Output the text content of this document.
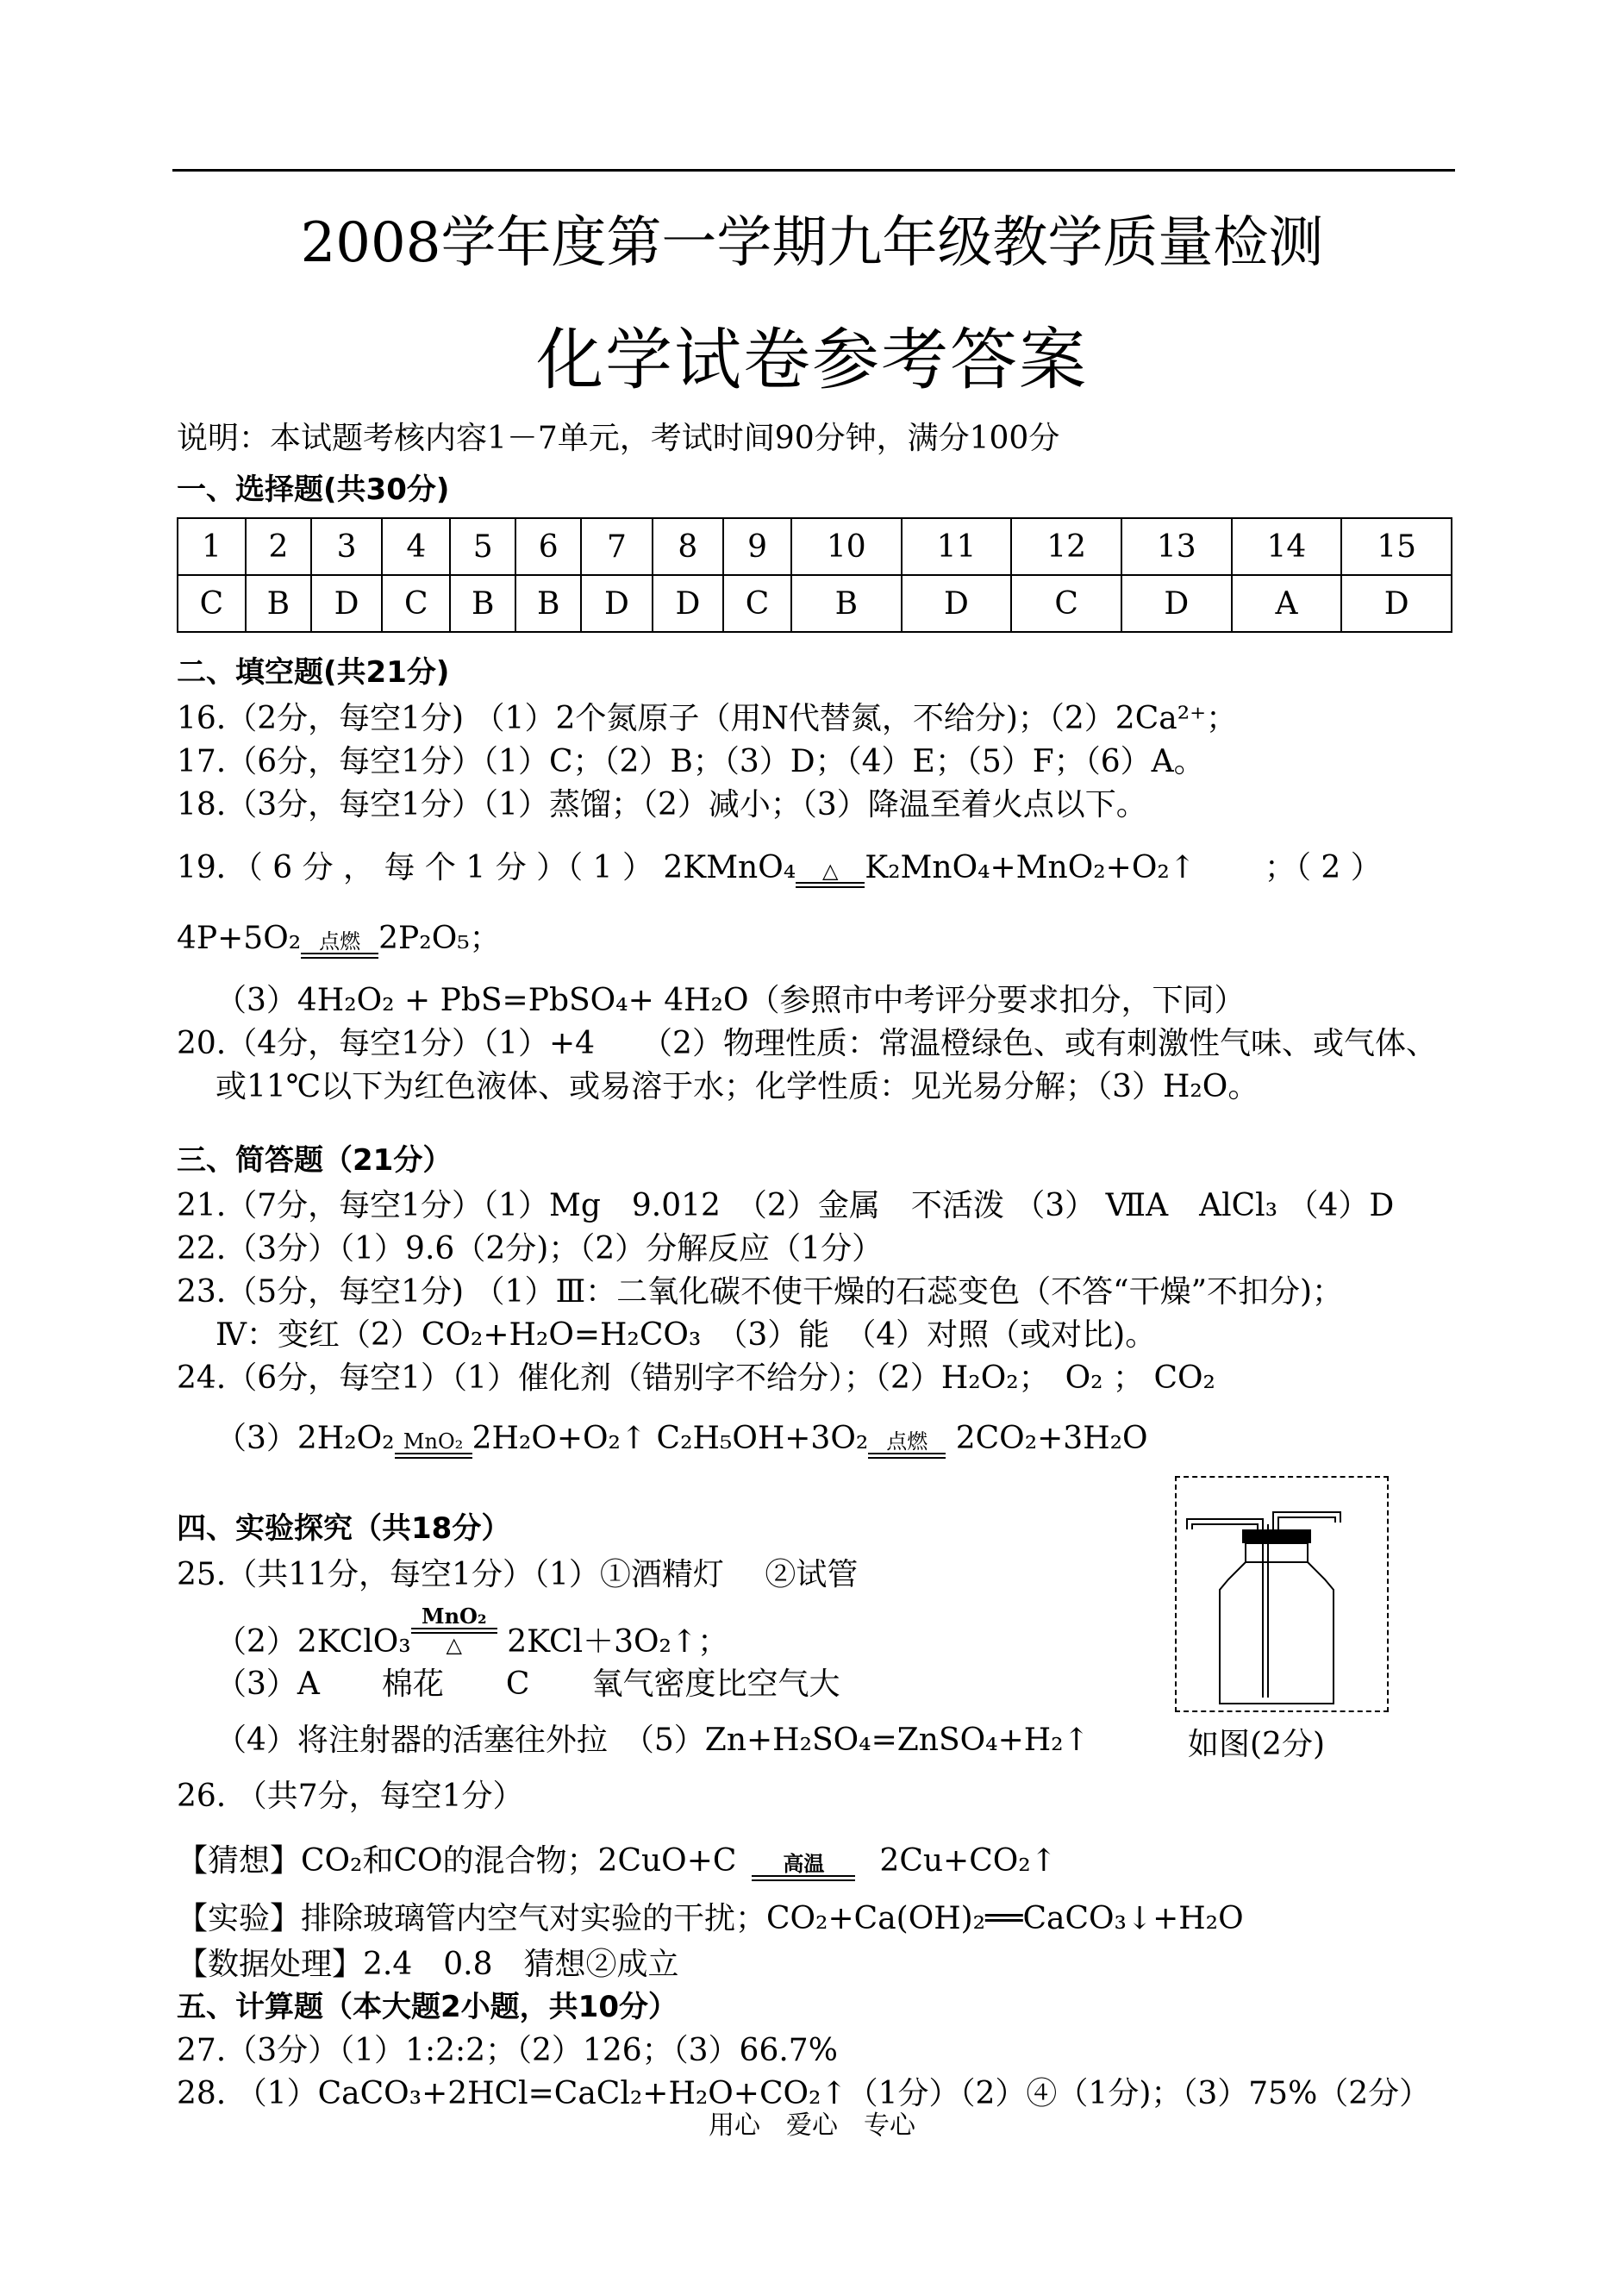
2008学年度第一学期九年级教学质量检测
化学试卷参考答案
说明：本试题考核内容1－7单元，考试时间90分钟，满分100分
一、选择题(共30分)
1	2	3	4	5	6	7	8	9	10	11	12	13	14	15
C	B	D	C	B	B	D	D	C	B	D	C	D	A	D
二、填空题(共21分)
16.（2分，每空1分) （1）2个氮原子（用N代替氮，不给分)；（2）2Ca²⁺；
17.（6分，每空1分）（1）C；（2）B；（3）D；（4）E；（5）F；（6）A。
18.（3分，每空1分）（1）蒸馏；（2）减小；（3）降温至着火点以下。
19．（ 6 分 ， 每 个 1 分 ）（ 1 ） 2KMnO₄	△ K₂MnO₄+MnO₂+O₂↑ ；（ 2 ）
4P+5O₂ 点燃 2P₂O₅；
（3）4H₂O₂ + PbS=PbSO₄+ 4H₂O（参照市中考评分要求扣分，下同）
20.（4分，每空1分）（1）+4　　（2）物理性质：常温橙绿色、或有刺激性气味、或气体、
或11℃以下为红色液体、或易溶于水；化学性质：见光易分解；（3）H₂O。
三、简答题（21分）
21.（7分，每空1分）（1）Mg　9.012　（2）金属　不活泼 （3） ⅦA　AlCl₃ （4）D
22.（3分）（1）9.6（2分)；（2）分解反应（1分）
23.（5分，每空1分) （1）Ⅲ：二氧化碳不使干燥的石蕊变色（不答“干燥”不扣分)；
Ⅳ：变红（2）CO₂+H₂O=H₂CO₃　（3）能　（4）对照（或对比)。
24.（6分，每空1）（1）催化剂（错别字不给分）；（2）H₂O₂；　O₂ ； CO₂
（3）2H₂O₂ MnO₂ 2H₂O+O₂↑ C₂H₅OH+3O₂ 点燃 2CO₂+3H₂O
四、实验探究（共18分）
25.（共11分，每空1分）（1）①酒精灯　 ②试管
（2）2KClO₃
MnO₂
△	2KCl＋3O₂↑；
（3）A　　棉花　　C　　氧气密度比空气大
（4）将注射器的活塞往外拉　（5）Zn+H₂SO₄=ZnSO₄+H₂↑	如图(2分)
26. （共7分，每空1分）
【猜想】CO₂和CO的混合物；2CuO+C	高温	2Cu+CO₂↑
【实验】排除玻璃管内空气对实验的干扰；CO₂+Ca(OH)₂══CaCO₃↓+H₂O
【数据处理】2.4　0.8　猜想②成立
五、计算题（本大题2小题，共10分）
27.（3分）（1）1:2:2；（2）126；（3）66.7%
28. （1）CaCO₃+2HCl=CaCl₂+H₂O+CO₂↑（1分）（2）④（1分)；（3）75%（2分）
用心　爱心　专心
